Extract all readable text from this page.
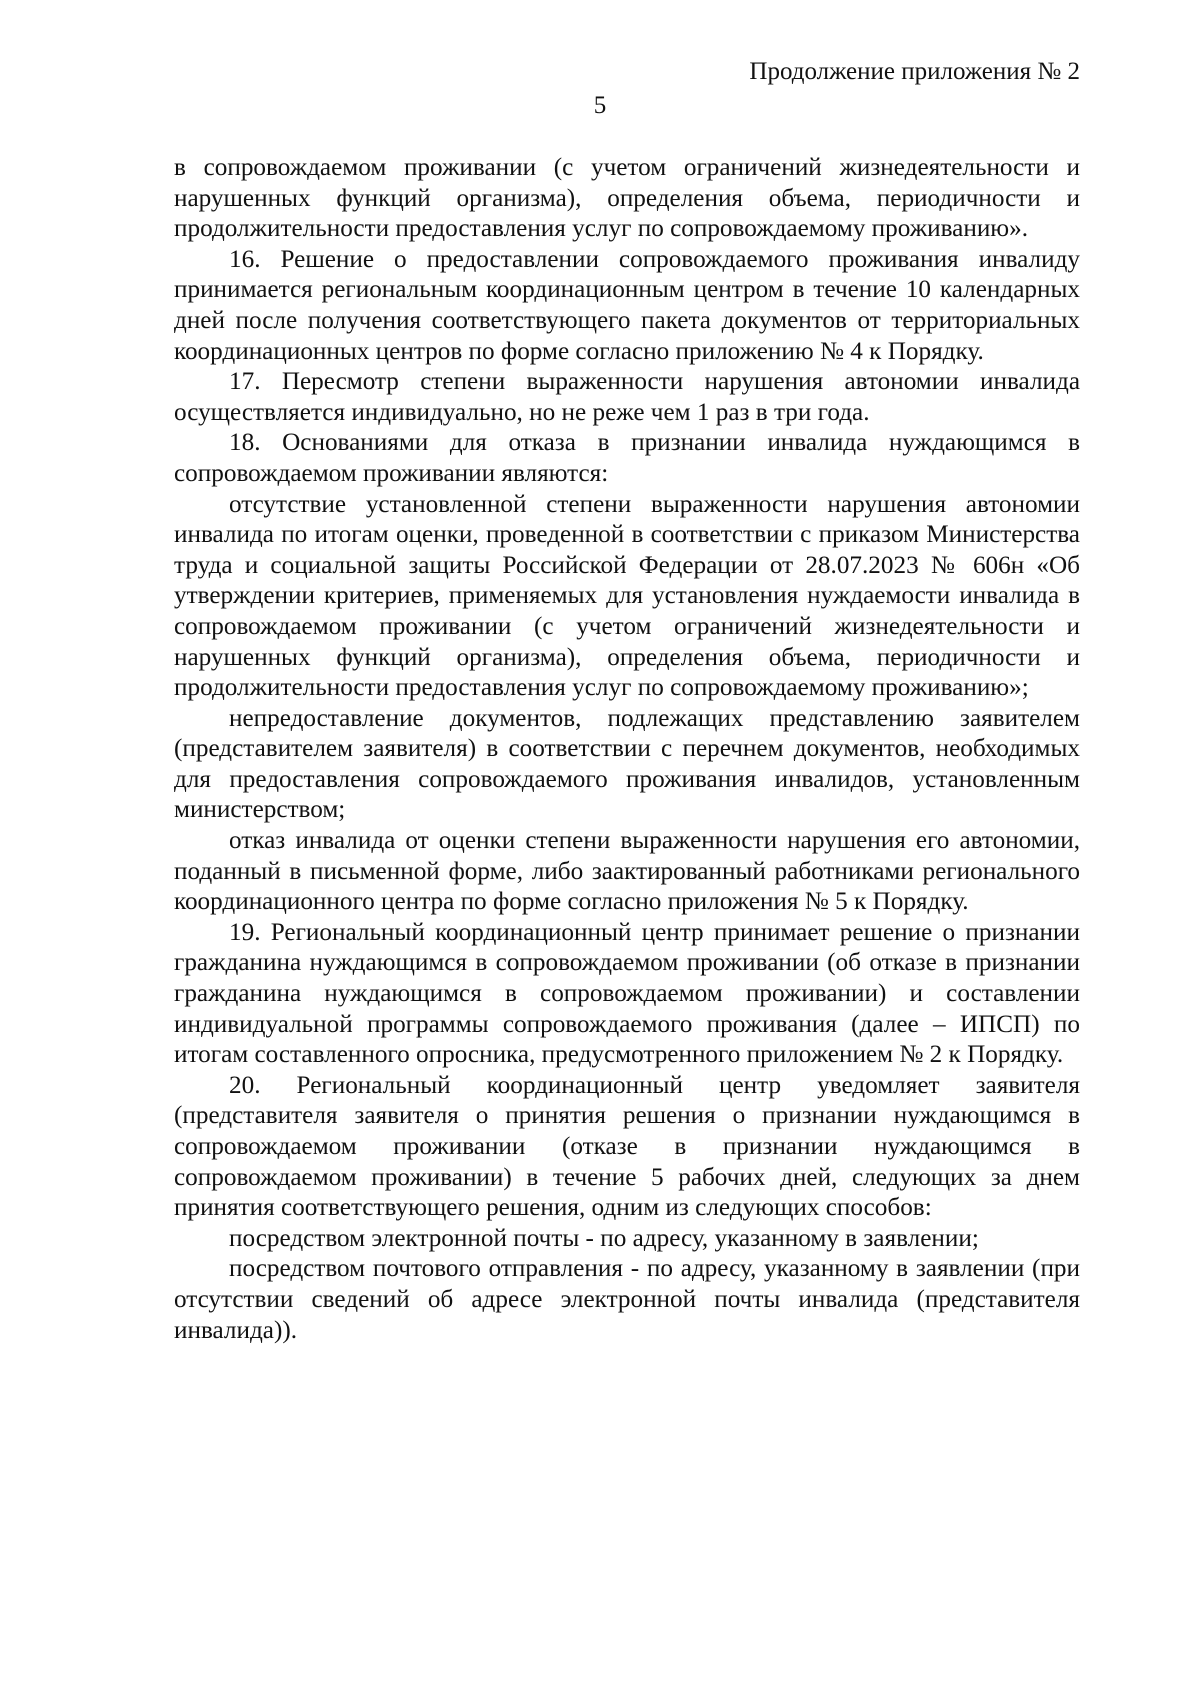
Продолжение приложения № 2
5

в сопровождаемом проживании (с учетом ограничений жизнедеятельности и нарушенных функций организма), определения объема, периодичности и продолжительности предоставления услуг по сопровождаемому проживанию».

16. Решение о предоставлении сопровождаемого проживания инвалиду принимается региональным координационным центром в течение 10 календарных дней после получения соответствующего пакета документов от территориальных координационных центров по форме согласно приложению № 4 к Порядку.

17. Пересмотр степени выраженности нарушения автономии инвалида осуществляется индивидуально, но не реже чем 1 раз в три года.

18. Основаниями для отказа в признании инвалида нуждающимся в сопровождаемом проживании являются:

отсутствие установленной степени выраженности нарушения автономии инвалида по итогам оценки, проведенной в соответствии с приказом Министерства труда и социальной защиты Российской Федерации от 28.07.2023 № 606н «Об утверждении критериев, применяемых для установления нуждаемости инвалида в сопровождаемом проживании (с учетом ограничений жизнедеятельности и нарушенных функций организма), определения объема, периодичности и продолжительности предоставления услуг по сопровождаемому проживанию»;

непредоставление документов, подлежащих представлению заявителем (представителем заявителя) в соответствии с перечнем документов, необходимых для предоставления сопровождаемого проживания инвалидов, установленным министерством;

отказ инвалида от оценки степени выраженности нарушения его автономии, поданный в письменной форме, либо заактированный работниками регионального координационного центра по форме согласно приложения № 5 к Порядку.

19. Региональный координационный центр принимает решение о признании гражданина нуждающимся в сопровождаемом проживании (об отказе в признании гражданина нуждающимся в сопровождаемом проживании) и составлении индивидуальной программы сопровождаемого проживания (далее – ИПСП) по итогам составленного опросника, предусмотренного приложением № 2 к Порядку.

20. Региональный координационный центр уведомляет заявителя (представителя заявителя о принятия решения о признании нуждающимся в сопровождаемом проживании (отказе в признании нуждающимся в сопровождаемом проживании) в течение 5 рабочих дней, следующих за днем принятия соответствующего решения, одним из следующих способов:

посредством электронной почты - по адресу, указанному в заявлении;

посредством почтового отправления - по адресу, указанному в заявлении (при отсутствии сведений об адресе электронной почты инвалида (представителя инвалида)).
